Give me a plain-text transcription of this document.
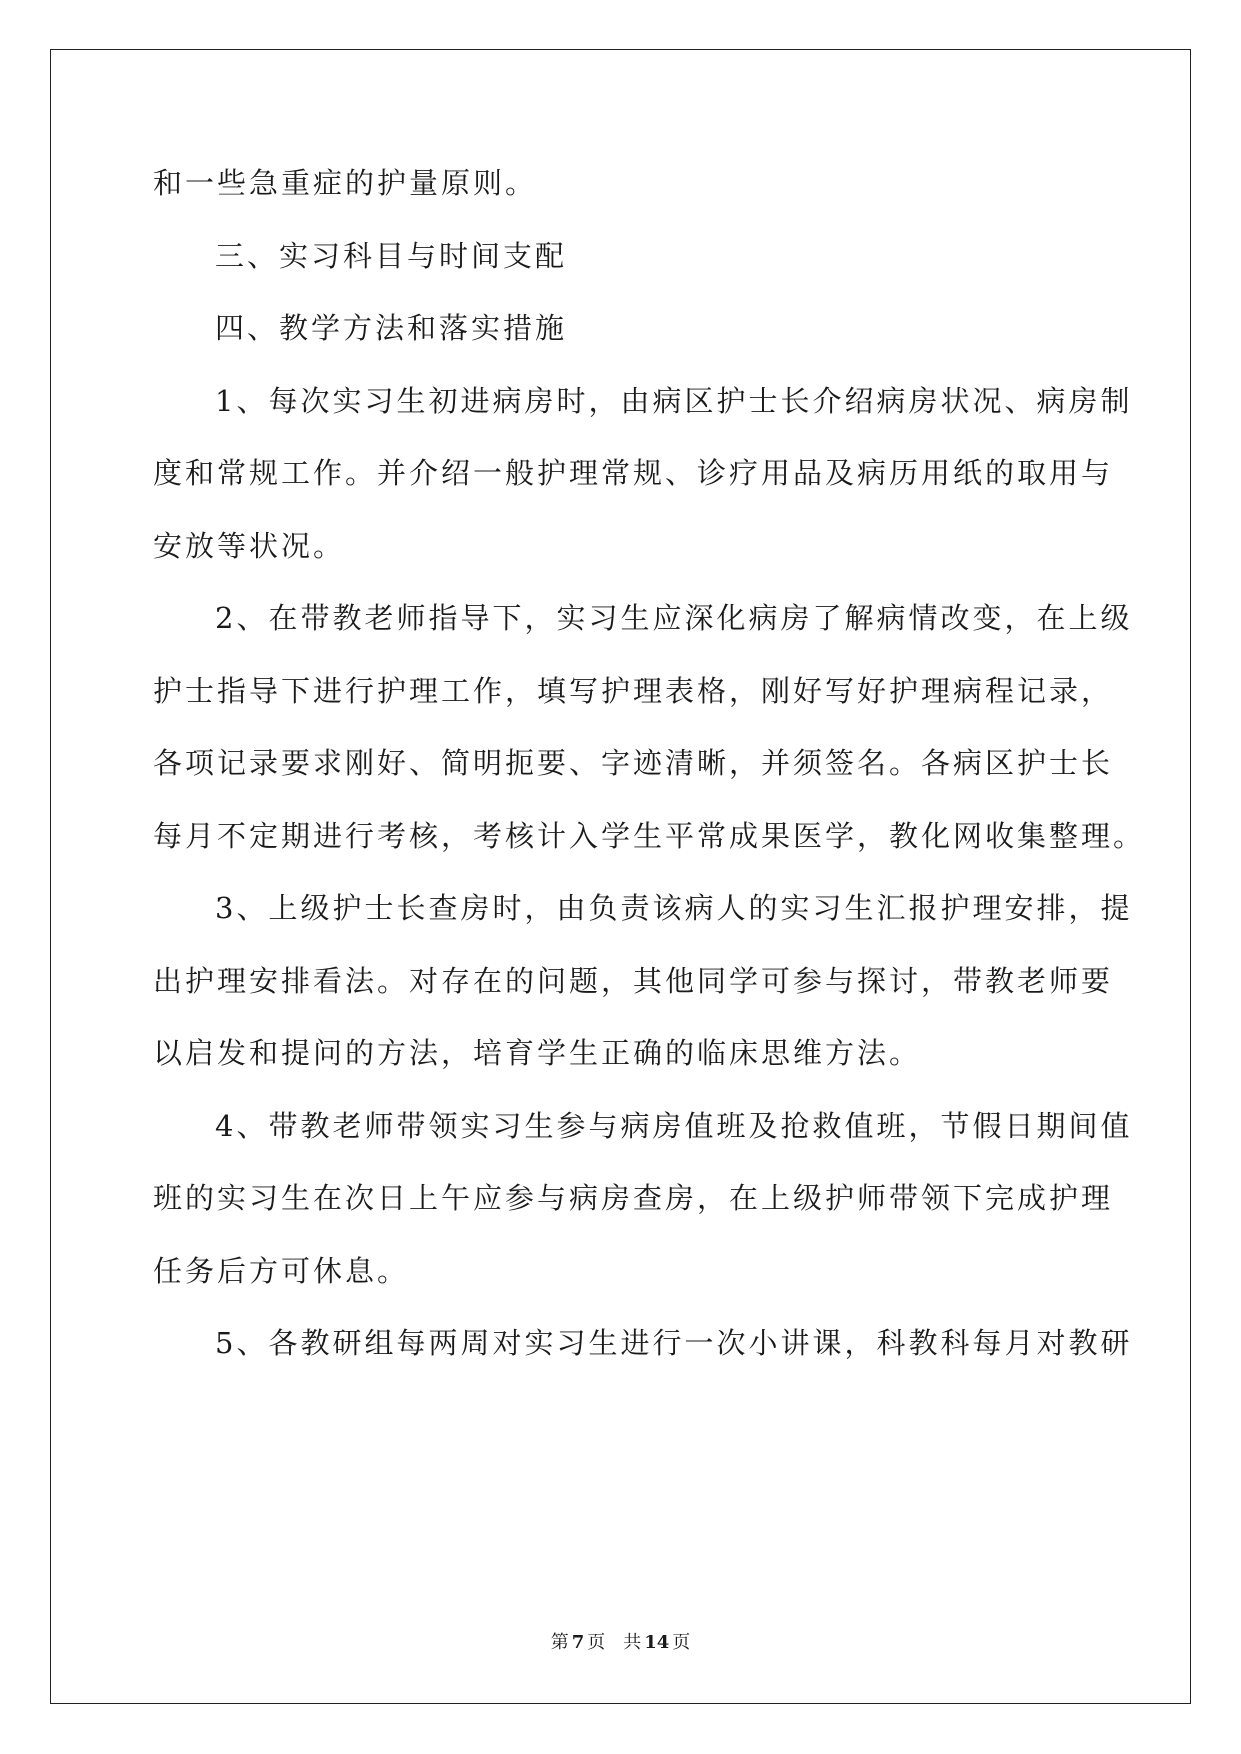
和一些急重症的护量原则。
三、实习科目与时间支配
四、教学方法和落实措施
1、每次实习生初进病房时，由病区护士长介绍病房状况、病房制
度和常规工作。并介绍一般护理常规、诊疗用品及病历用纸的取用与
安放等状况。
2、在带教老师指导下，实习生应深化病房了解病情改变，在上级
护士指导下进行护理工作，填写护理表格，刚好写好护理病程记录，
各项记录要求刚好、简明扼要、字迹清晰，并须签名。各病区护士长
每月不定期进行考核，考核计入学生平常成果医学，教化网收集整理。
3、上级护士长查房时，由负责该病人的实习生汇报护理安排，提
出护理安排看法。对存在的问题，其他同学可参与探讨，带教老师要
以启发和提问的方法，培育学生正确的临床思维方法。
4、带教老师带领实习生参与病房值班及抢救值班，节假日期间值
班的实习生在次日上午应参与病房查房，在上级护师带领下完成护理
任务后方可休息。
5、各教研组每两周对实习生进行一次小讲课，科教科每月对教研
第 7 页 共 14 页
